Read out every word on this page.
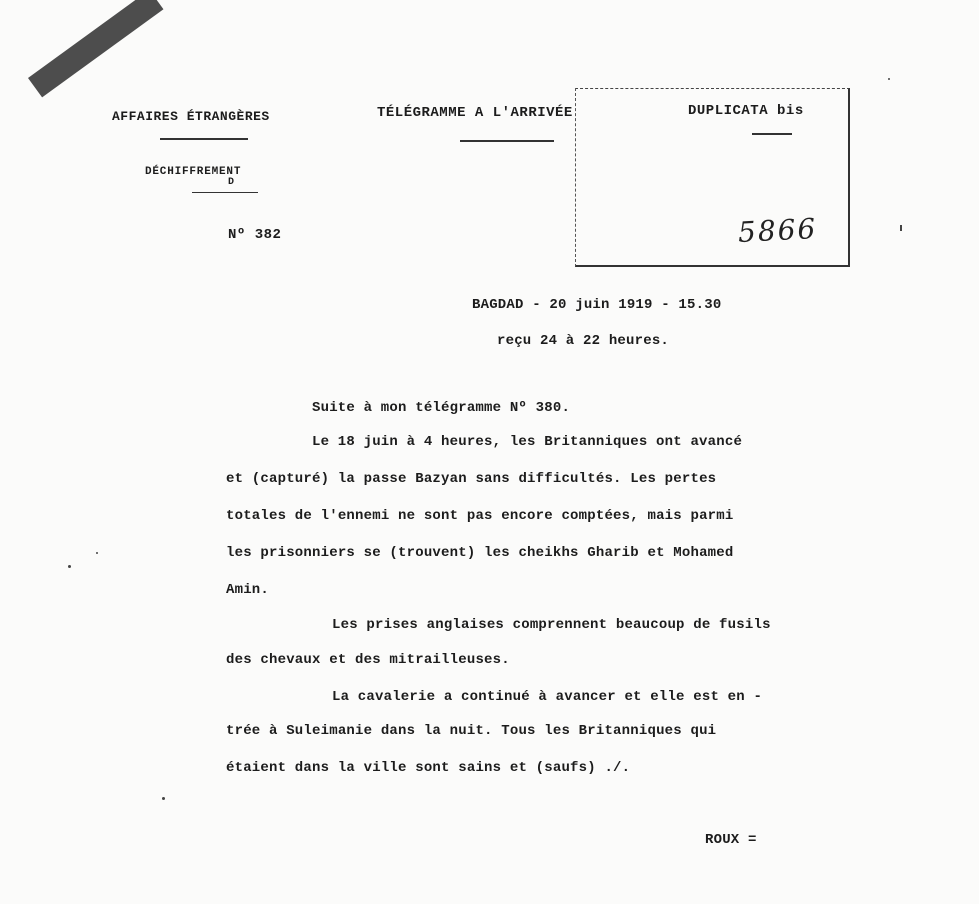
AFFAIRES ÉTRANGÈRES	TÉLÉGRAMME A L'ARRIVÉE	DUPLICATA bis
DÉCHIFFREMENT
D
Nº 382	5866
BAGDAD - 20 juin 1919 - 15.30
reçu 24 à 22 heures.
Suite à mon télégramme Nº 380.
Le 18 juin à 4 heures, les Britanniques ont avancé
et (capturé) la passe Bazyan sans difficultés. Les pertes
totales de l'ennemi ne sont pas encore comptées, mais parmi
les prisonniers se (trouvent) les cheikhs Gharib et Mohamed
Amin.
Les prises anglaises comprennent beaucoup de fusils
des chevaux et des mitrailleuses.
La cavalerie a continué à avancer et elle est en -
trée à Suleimanie dans la nuit. Tous les Britanniques qui
étaient dans la ville sont sains et (saufs) ./.
ROUX =
